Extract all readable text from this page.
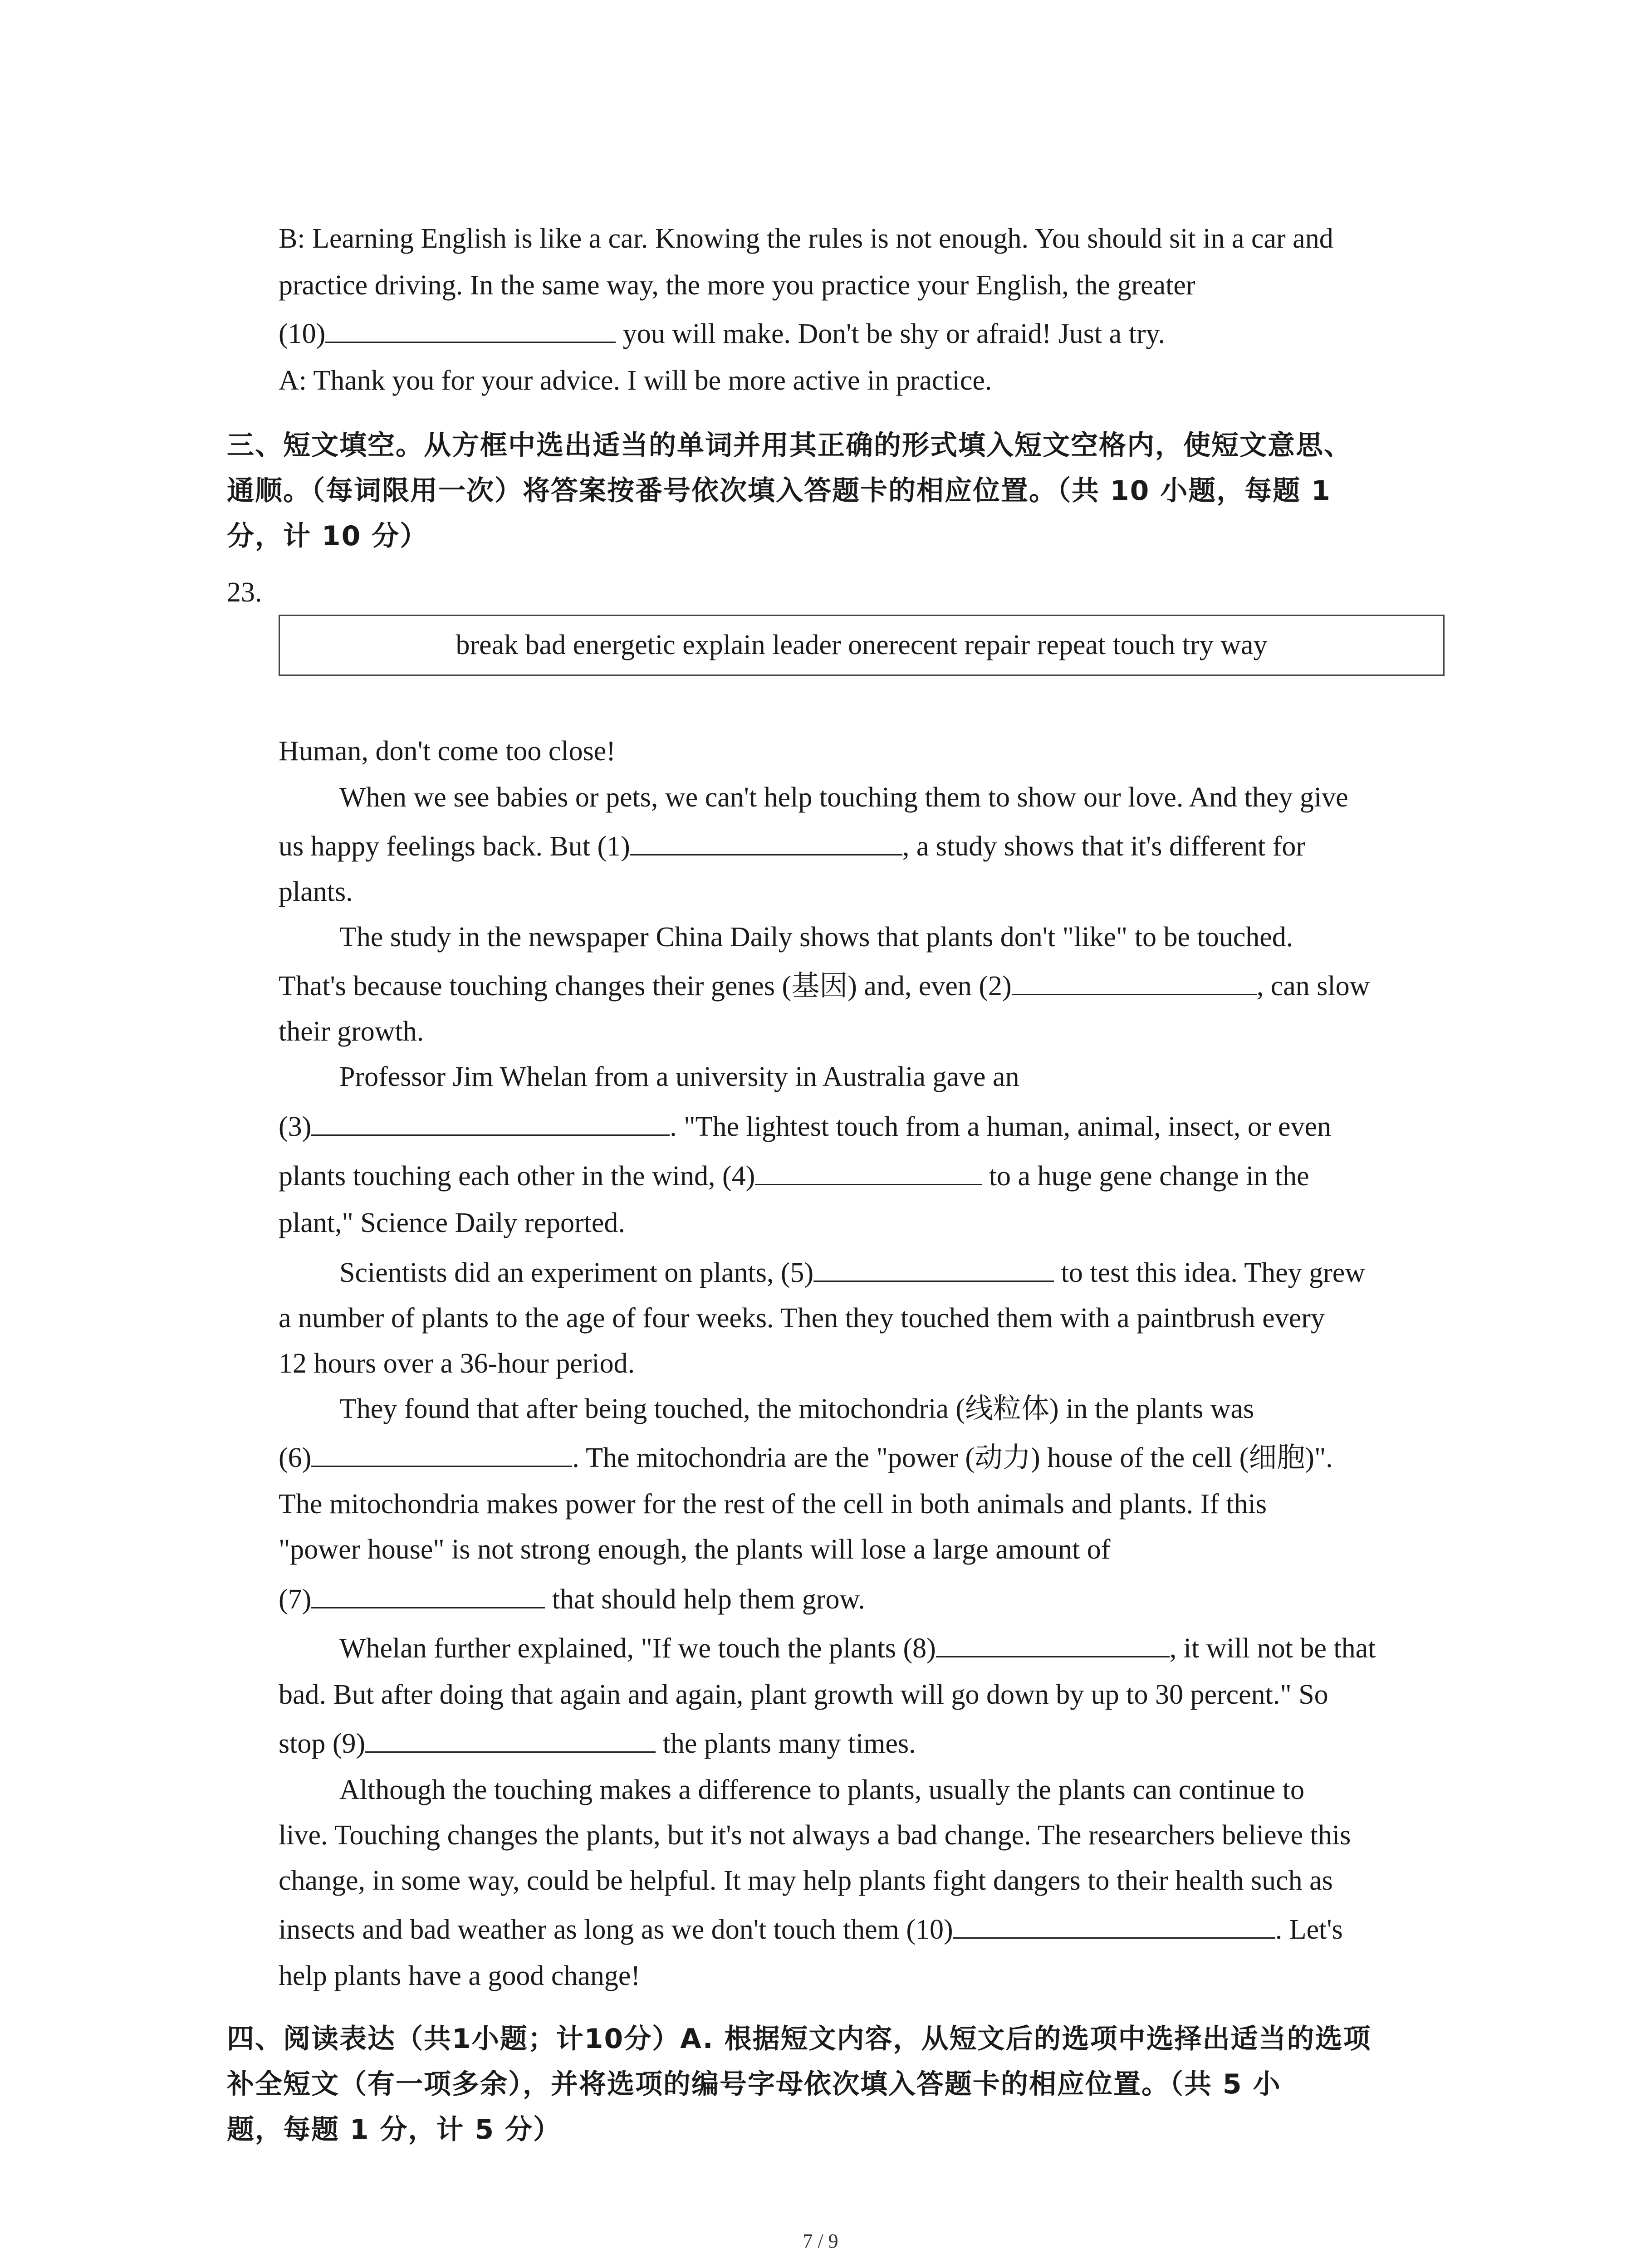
B: Learning English is like a car. Knowing the rules is not enough. You should sit in a car and

practice driving. In the same way, the more you practice your English, the greater

(10)	you will make. Don't be shy or afraid! Just a try.

A: Thank you for your advice. I will be more active in practice.

三、短文填空。从方框中选出适当的单词并用其正确的形式填入短文空格内，使短文意思、

通顺。（每词限用一次）将答案按番号依次填入答题卡的相应位置。（共 10 小题，每题 1

分，计 10 分）

23.

break bad energetic explain leader onerecent repair repeat touch try way

Human, don't come too close!

When we see babies or pets, we can't help touching them to show our love. And they give

us happy feelings back. But (1)	, a study shows that it's different for

plants.

The study in the newspaper China Daily shows that plants don't "like" to be touched.

That's because touching changes their genes (基因) and, even (2)	, can slow

their growth.

Professor Jim Whelan from a university in Australia gave an

(3)	. "The lightest touch from a human, animal, insect, or even

plants touching each other in the wind, (4)	to a huge gene change in the

plant," Science Daily reported.

Scientists did an experiment on plants, (5)	to test this idea. They grew

a number of plants to the age of four weeks. Then they touched them with a paintbrush every

12 hours over a 36-hour period.

They found that after being touched, the mitochondria (线粒体) in the plants was

(6)	. The mitochondria are the "power (动力) house of the cell (细胞)".

The mitochondria makes power for the rest of the cell in both animals and plants. If this

"power house" is not strong enough, the plants will lose a large amount of

(7)	that should help them grow.

Whelan further explained, "If we touch the plants (8)	, it will not be that

bad. But after doing that again and again, plant growth will go down by up to 30 percent." So

stop (9)	the plants many times.

Although the touching makes a difference to plants, usually the plants can continue to

live. Touching changes the plants, but it's not always a bad change. The researchers believe this

change, in some way, could be helpful. It may help plants fight dangers to their health such as

insects and bad weather as long as we don't touch them (10)	. Let's

help plants have a good change!

四、阅读表达（共1小题；计10分）A. 根据短文内容，从短文后的选项中选择出适当的选项

补全短文（有一项多余），并将选项的编号字母依次填入答题卡的相应位置。（共 5 小

题，每题 1 分，计 5 分）

7 / 9
